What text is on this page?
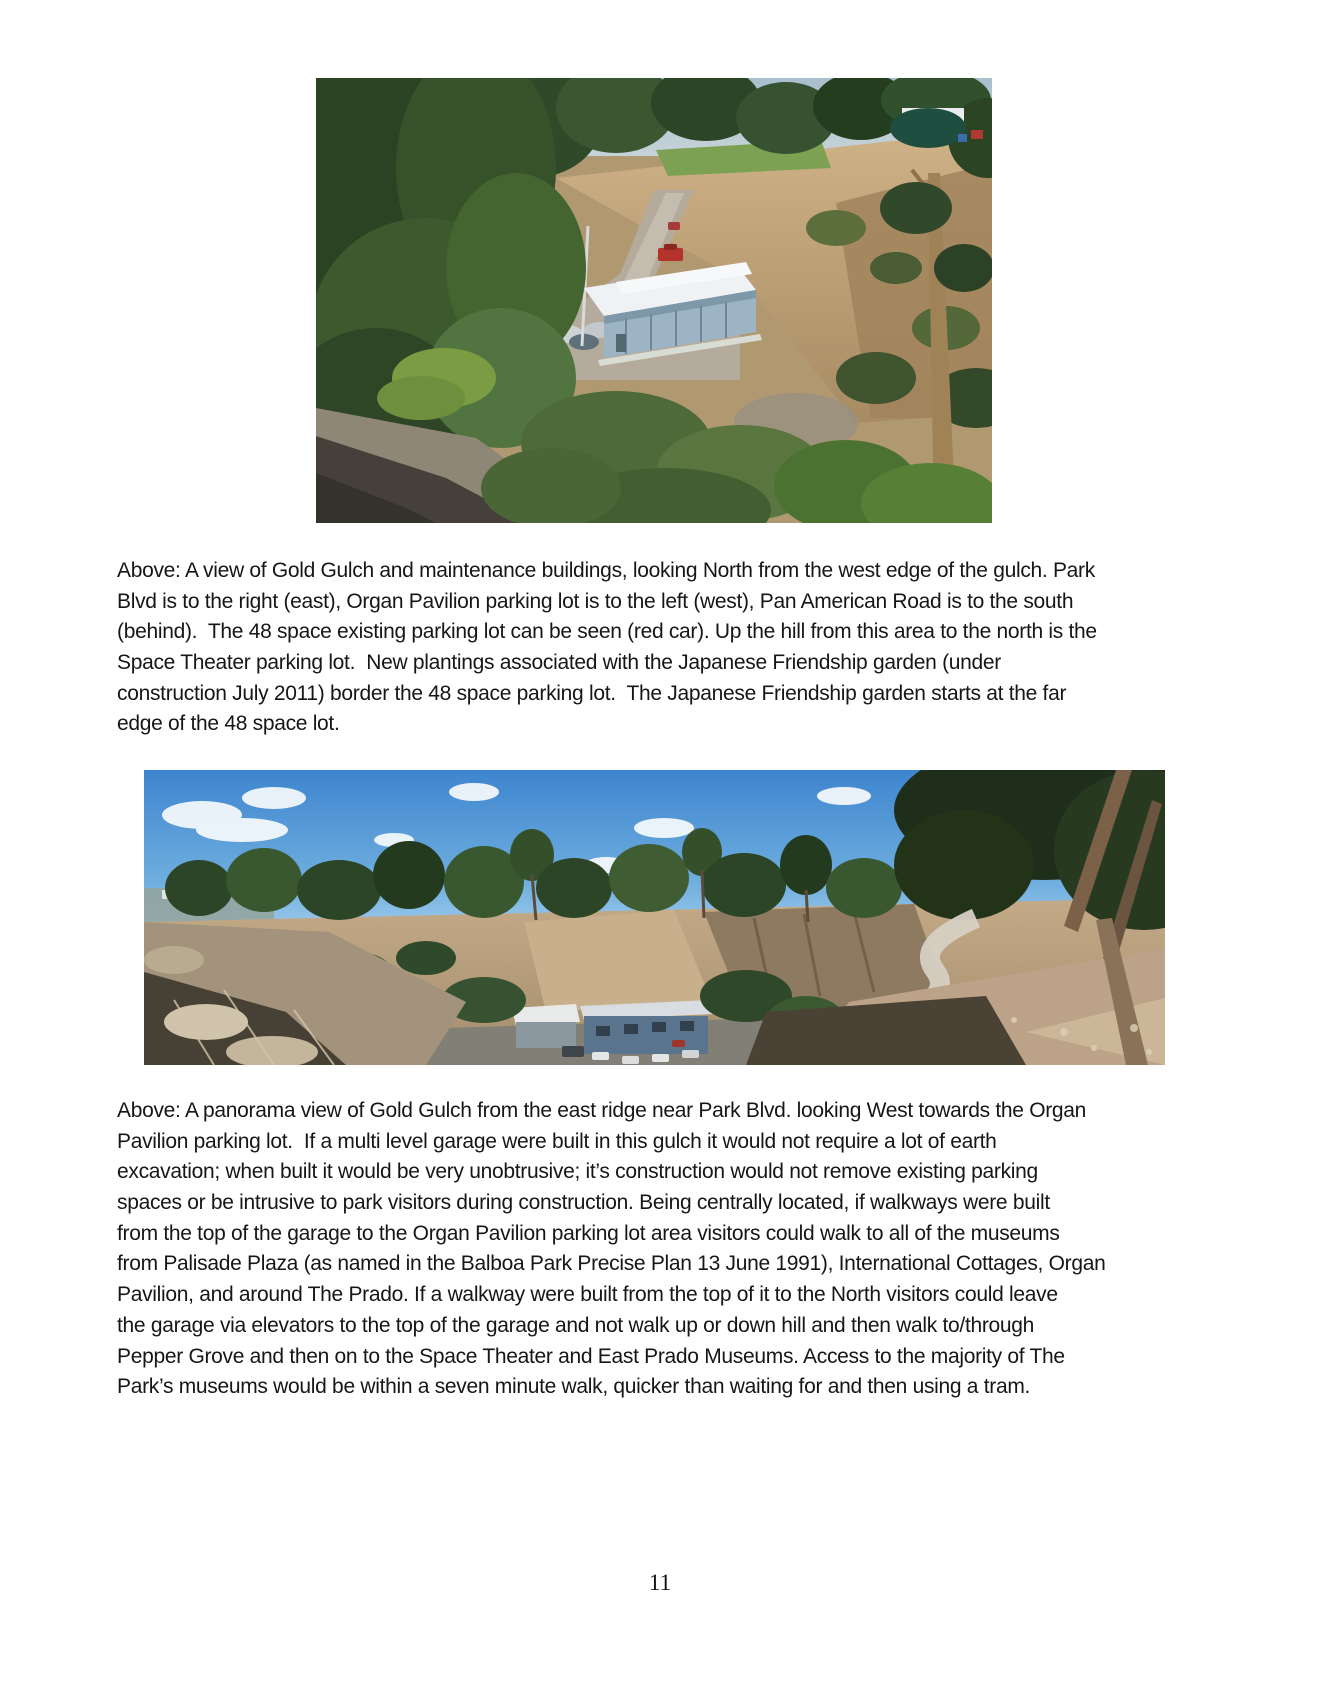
Above: A view of Gold Gulch and maintenance buildings, looking North from the west edge of the gulch. Park
Blvd is to the right (east), Organ Pavilion parking lot is to the left (west), Pan American Road is to the south
(behind).  The 48 space existing parking lot can be seen (red car). Up the hill from this area to the north is the
Space Theater parking lot.  New plantings associated with the Japanese Friendship garden (under
construction July 2011) border the 48 space parking lot.  The Japanese Friendship garden starts at the far
edge of the 48 space lot.
Above: A panorama view of Gold Gulch from the east ridge near Park Blvd. looking West towards the Organ
Pavilion parking lot.  If a multi level garage were built in this gulch it would not require a lot of earth
excavation; when built it would be very unobtrusive; it’s construction would not remove existing parking
spaces or be intrusive to park visitors during construction. Being centrally located, if walkways were built
from the top of the garage to the Organ Pavilion parking lot area visitors could walk to all of the museums
from Palisade Plaza (as named in the Balboa Park Precise Plan 13 June 1991), International Cottages, Organ
Pavilion, and around The Prado. If a walkway were built from the top of it to the North visitors could leave
the garage via elevators to the top of the garage and not walk up or down hill and then walk to/through
Pepper Grove and then on to the Space Theater and East Prado Museums. Access to the majority of The
Park’s museums would be within a seven minute walk, quicker than waiting for and then using a tram.
11
